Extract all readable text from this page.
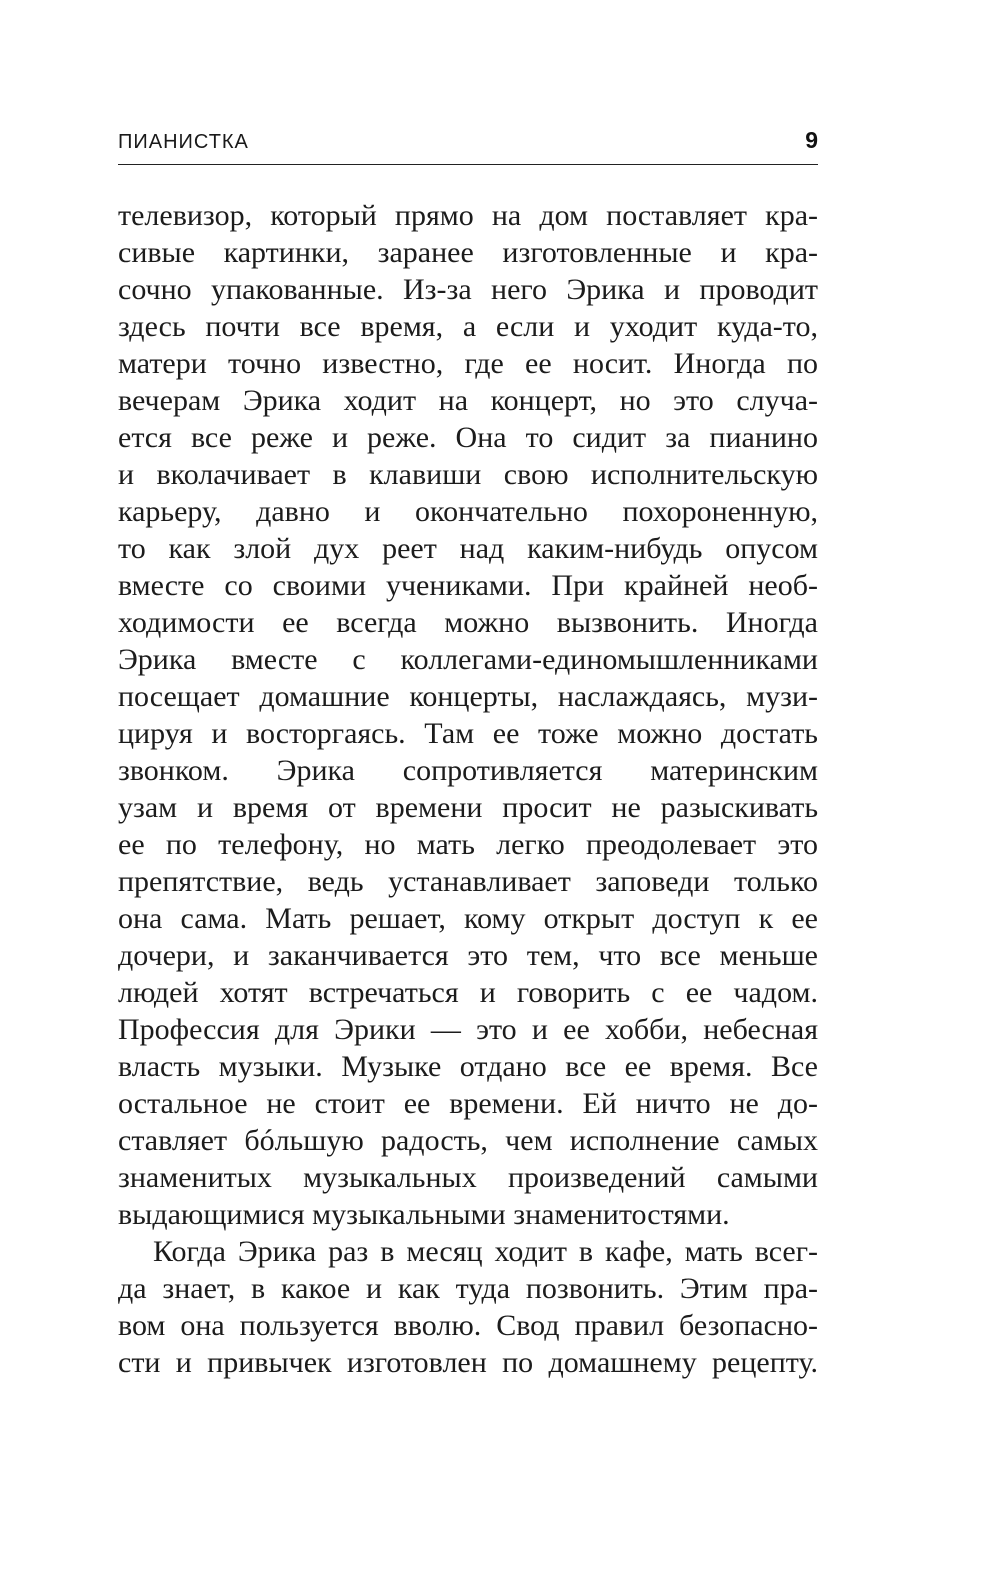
ПИАНИСТКА	9
телевизор, который прямо на дом поставляет кра-
сивые картинки, заранее изготовленные и кра-
сочно упакованные. Из-за него Эрика и проводит
здесь почти все время, а если и уходит куда-то,
матери точно известно, где ее носит. Иногда по
вечерам Эрика ходит на концерт, но это случа-
ется все реже и реже. Она то сидит за пианино
и вколачивает в клавиши свою исполнительскую
карьеру, давно и окончательно похороненную,
то как злой дух реет над каким-нибудь опусом
вместе со своими учениками. При крайней необ-
ходимости ее всегда можно вызвонить. Иногда
Эрика вместе с коллегами-единомышленниками
посещает домашние концерты, наслаждаясь, музи-
цируя и восторгаясь. Там ее тоже можно достать
звонком. Эрика сопротивляется материнским
узам и время от времени просит не разыскивать
ее по телефону, но мать легко преодолевает это
препятствие, ведь устанавливает заповеди только
она сама. Мать решает, кому открыт доступ к ее
дочери, и заканчивается это тем, что все меньше
людей хотят встречаться и говорить с ее чадом.
Профессия для Эрики — это и ее хобби, небесная
власть музыки. Музыке отдано все ее время. Все
остальное не стоит ее времени. Ей ничто не до-
ставляет бóльшую радость, чем исполнение самых
знаменитых музыкальных произведений самыми
выдающимися музыкальными знаменитостями.
Когда Эрика раз в месяц ходит в кафе, мать всег-
да знает, в какое и как туда позвонить. Этим пра-
вом она пользуется вволю. Свод правил безопасно-
сти и привычек изготовлен по домашнему рецепту.
